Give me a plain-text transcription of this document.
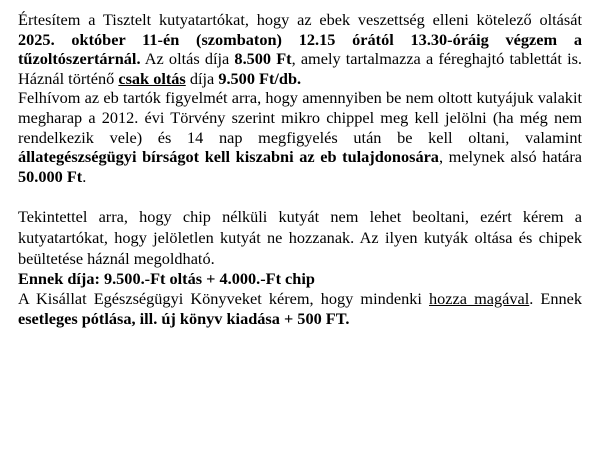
Értesítem a Tisztelt kutyatartókat, hogy az ebek veszettség elleni kötelező oltását 2025. október 11-én (szombaton) 12.15 órától 13.30-óráig végzem a tűzoltószertárnál. Az oltás díja 8.500 Ft, amely tartalmazza a féreghajtó tablettát is. Háznál történő csak oltás díja 9.500 Ft/db.

Felhívom az eb tartók figyelmét arra, hogy amennyiben be nem oltott kutyájuk valakit megharap a 2012. évi Törvény szerint mikro chippel meg kell jelölni (ha még nem rendelkezik vele) és 14 nap megfigyelés után be kell oltani, valamint állategészségügyi bírságot kell kiszabni az eb tulajdonosára, melynek alsó határa 50.000 Ft.

Tekintettel arra, hogy chip nélküli kutyát nem lehet beoltani, ezért kérem a kutyatartókat, hogy jelöletlen kutyát ne hozzanak. Az ilyen kutyák oltása és chipek beültetése háznál megoldható.

Ennek díja: 9.500.-Ft oltás + 4.000.-Ft chip

A Kisállat Egészségügyi Könyveket kérem, hogy mindenki hozza magával. Ennek esetleges pótlása, ill. új könyv kiadása + 500 FT.
